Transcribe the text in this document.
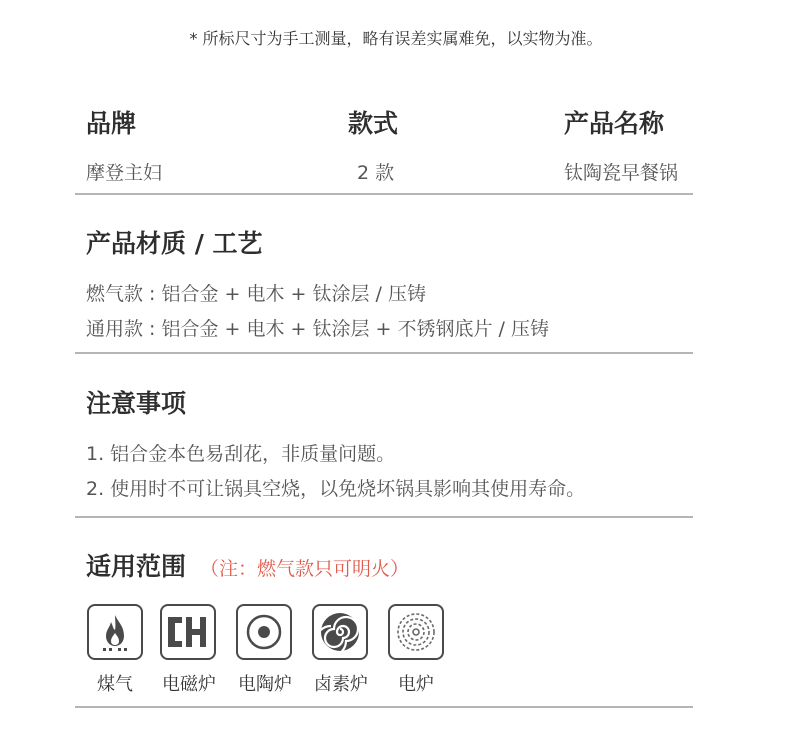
* 所标尺寸为手工测量，略有误差实属难免，以实物为准。
品牌	款式	产品名称
摩登主妇	2 款	钛陶瓷早餐锅
产品材质 / 工艺
燃气款 : 铝合金 + 电木 + 钛涂层 / 压铸
通用款 : 铝合金 + 电木 + 钛涂层 + 不锈钢底片 / 压铸
注意事项
1. 铝合金本色易刮花，非质量问题。
2. 使用时不可让锅具空烧，以免烧坏锅具影响其使用寿命。
适用范围 （注：燃气款只可明火）
煤气 电磁炉 电陶炉 卤素炉 电炉
